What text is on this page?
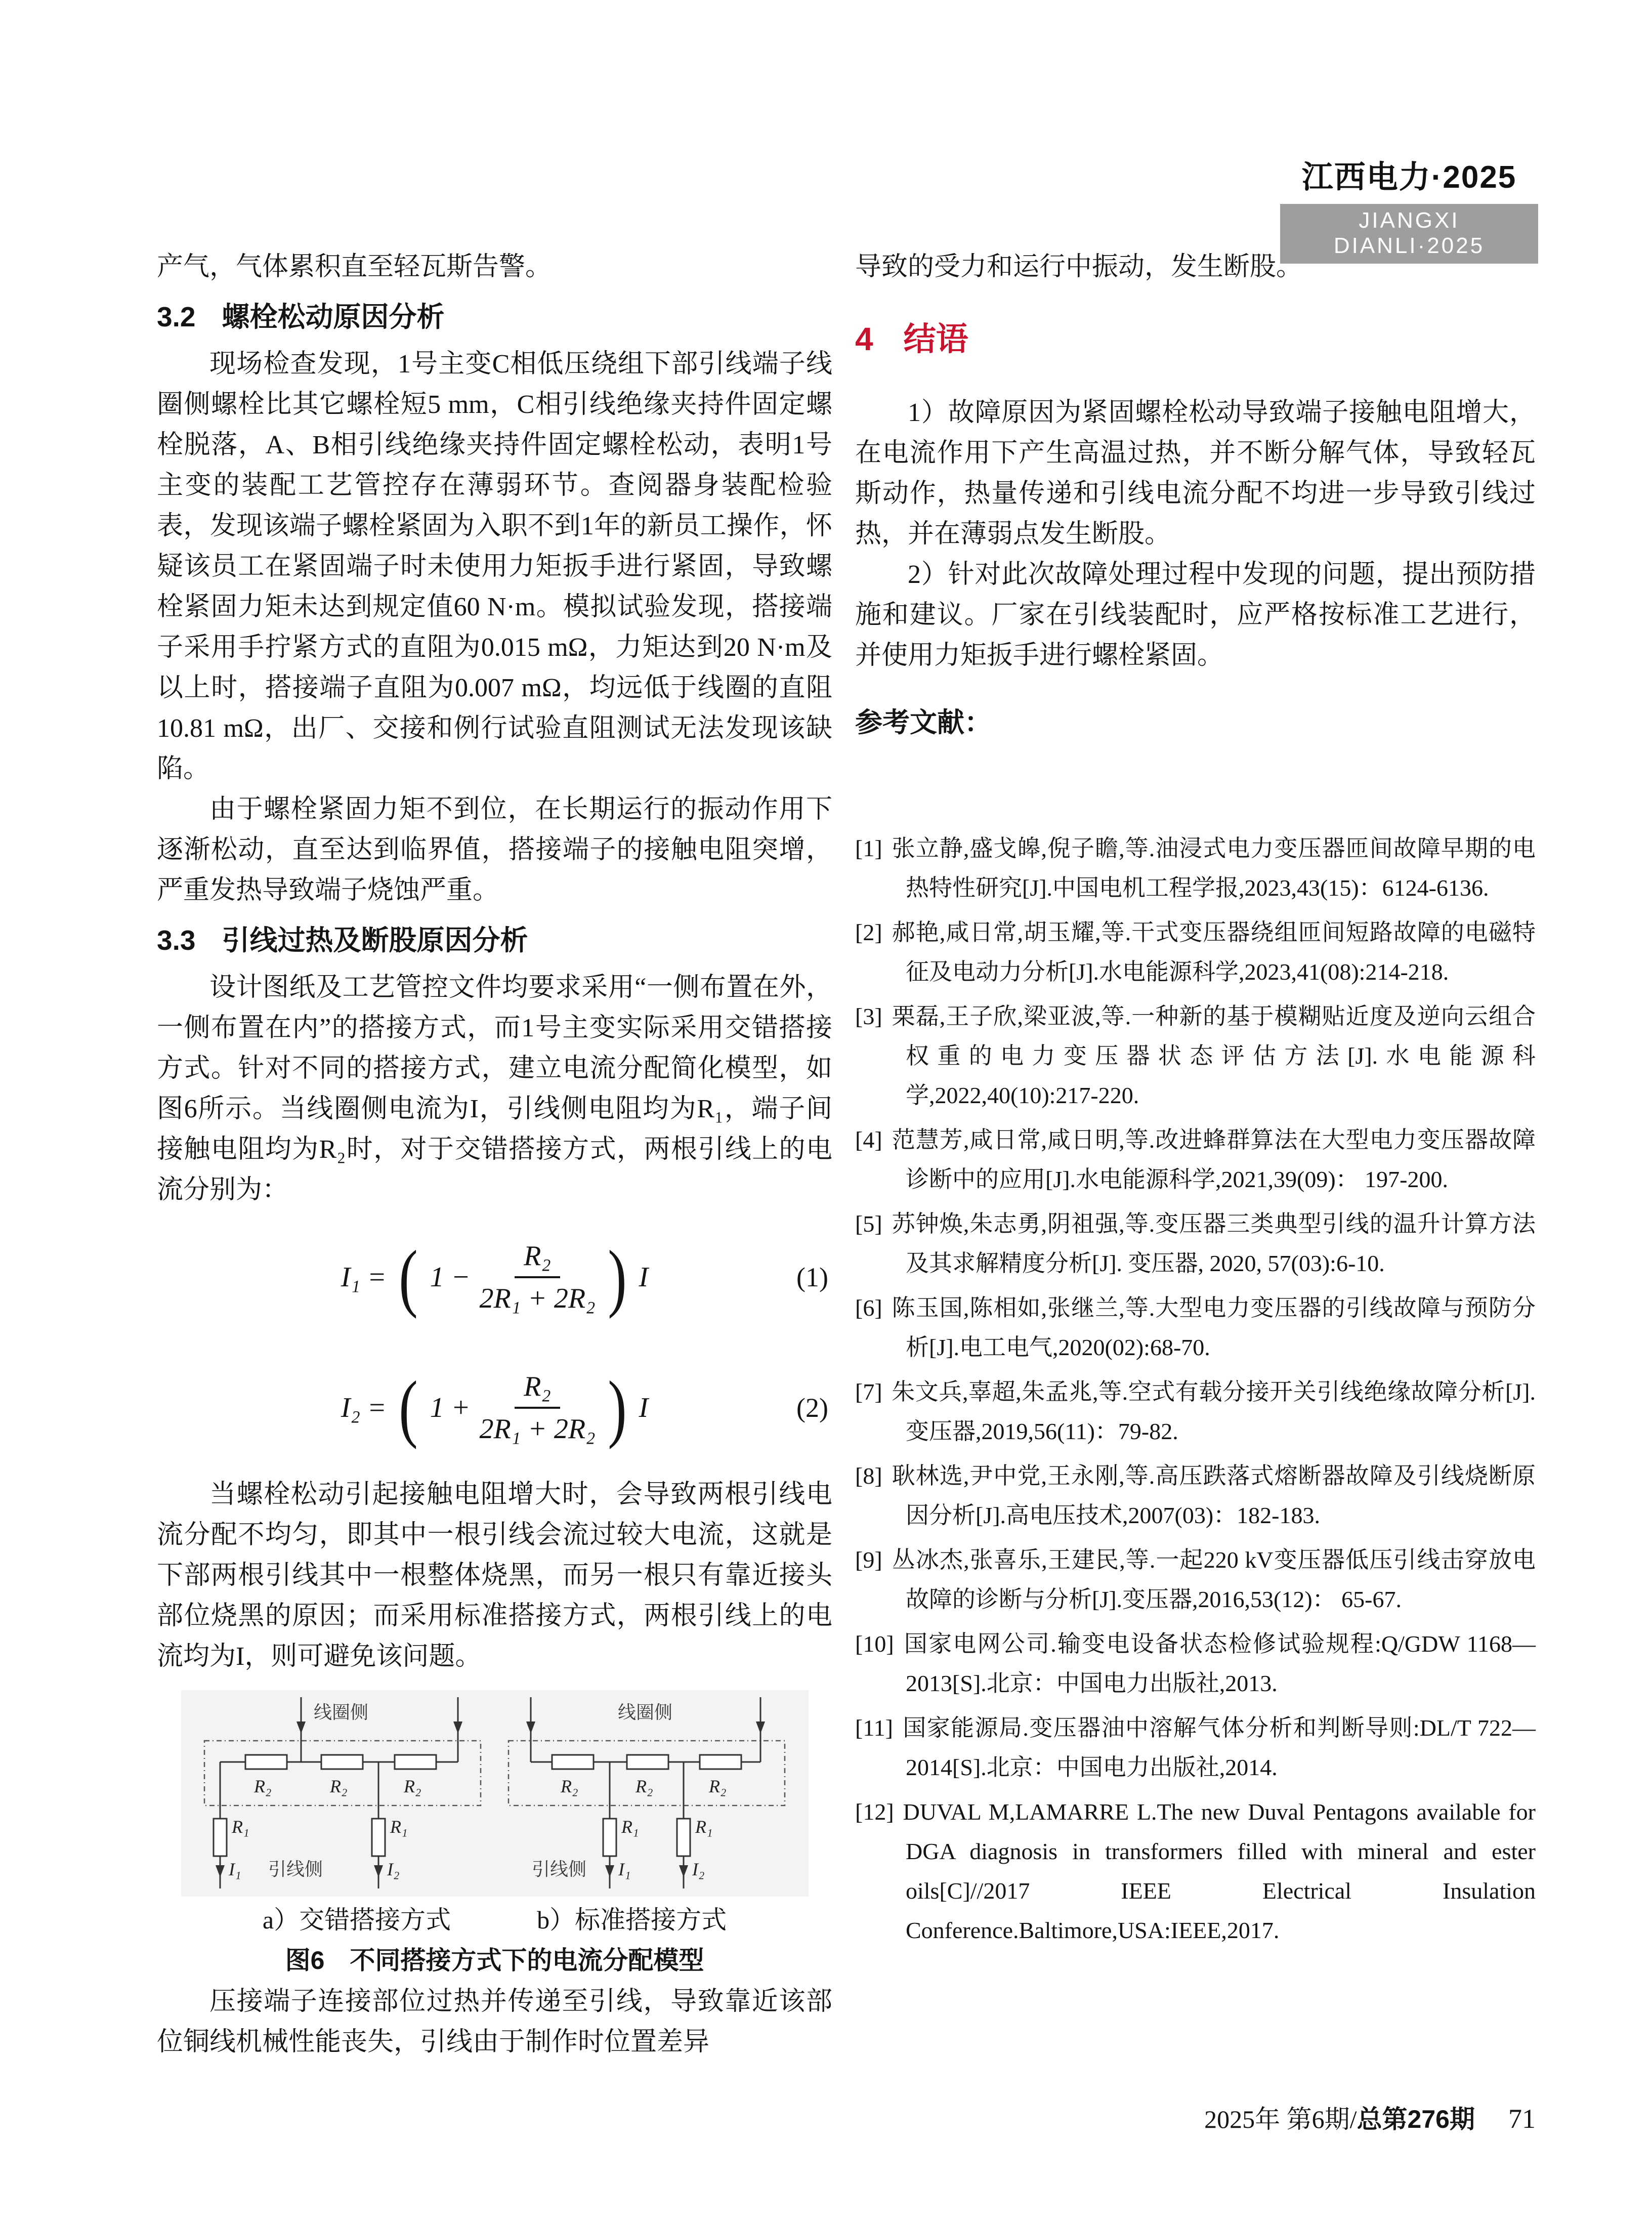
江西电力·2025
JIANGXI DIANLI·2025

产气，气体累积直至轻瓦斯告警。

3.2 螺栓松动原因分析

现场检查发现，1号主变C相低压绕组下部引线端子线圈侧螺栓比其它螺栓短5 mm，C相引线绝缘夹持件固定螺栓脱落，A、B相引线绝缘夹持件固定螺栓松动，表明1号主变的装配工艺管控存在薄弱环节。查阅器身装配检验表，发现该端子螺栓紧固为入职不到1年的新员工操作，怀疑该员工在紧固端子时未使用力矩扳手进行紧固，导致螺栓紧固力矩未达到规定值60 N·m。模拟试验发现，搭接端子采用手拧紧方式的直阻为0.015 mΩ，力矩达到20 N·m及以上时，搭接端子直阻为0.007 mΩ，均远低于线圈的直阻10.81 mΩ，出厂、交接和例行试验直阻测试无法发现该缺陷。

由于螺栓紧固力矩不到位，在长期运行的振动作用下逐渐松动，直至达到临界值，搭接端子的接触电阻突增，严重发热导致端子烧蚀严重。

3.3 引线过热及断股原因分析

设计图纸及工艺管控文件均要求采用“一侧布置在外，一侧布置在内”的搭接方式，而1号主变实际采用交错搭接方式。针对不同的搭接方式，建立电流分配简化模型，如图6所示。当线圈侧电流为I，引线侧电阻均为R₁，端子间接触电阻均为R₂时，对于交错搭接方式，两根引线上的电流分别为：

I₁ = ( $1 - \frac{\text{R₂}}{\text{2R₁ + 2R₂}}$ ) I	(1)
I₂ = ( $1 + \frac{\text{R₂}}{\text{2R₁ + 2R₂}}$ ) I	(2)

当螺栓松动引起接触电阻增大时，会导致两根引线电流分配不均匀，即其中一根引线会流过较大电流，这就是下部两根引线其中一根整体烧黑，而另一根只有靠近接头部位烧黑的原因；而采用标准搭接方式，两根引线上的电流均为I，则可避免该问题。

线圈侧
R₂	R₂	R₂
I₁
R₁
I₂
R₁
引线侧
线圈侧
R₂	R₂	R₂
I₁
R₁
I₂
R₁
引线侧
a）交错搭接方式	b）标准搭接方式
图6　不同搭接方式下的电流分配模型

压接端子连接部位过热并传递至引线，导致靠近该部位铜线机械性能丧失，引线由于制作时位置差异

导致的受力和运行中振动，发生断股。

4 结语

1）故障原因为紧固螺栓松动导致端子接触电阻增大，在电流作用下产生高温过热，并不断分解气体，导致轻瓦斯动作，热量传递和引线电流分配不均进一步导致引线过热，并在薄弱点发生断股。

2）针对此次故障处理过程中发现的问题，提出预防措施和建议。厂家在引线装配时，应严格按标准工艺进行，并使用力矩扳手进行螺栓紧固。

参考文献：
[1] 张立静,盛戈皞,倪子瞻,等.油浸式电力变压器匝间故障早期的电热特性研究[J].中国电机工程学报,2023,43(15)：6124-6136.
[2] 郝艳,咸日常,胡玉耀,等.干式变压器绕组匝间短路故障的电磁特征及电动力分析[J].水电能源科学,2023,41(08):214-218.
[3] 栗磊,王子欣,梁亚波,等.一种新的基于模糊贴近度及逆向云组合权重的电力变压器状态评估方法[J].水电能源科学,2022,40(10):217-220.
[4] 范慧芳,咸日常,咸日明,等.改进蜂群算法在大型电力变压器故障诊断中的应用[J].水电能源科学,2021,39(09)： 197-200.
[5] 苏钟焕,朱志勇,阴祖强,等.变压器三类典型引线的温升计算方法及其求解精度分析[J]. 变压器, 2020, 57(03):6-10.
[6] 陈玉国,陈相如,张继兰,等.大型电力变压器的引线故障与预防分析[J].电工电气,2020(02):68-70.
[7] 朱文兵,辜超,朱孟兆,等.空式有载分接开关引线绝缘故障分析[J].变压器,2019,56(11)：79-82.
[8] 耿林选,尹中党,王永刚,等.高压跌落式熔断器故障及引线烧断原因分析[J].高电压技术,2007(03)：182-183.
[9] 丛冰杰,张喜乐,王建民,等.一起220 kV变压器低压引线击穿放电故障的诊断与分析[J].变压器,2016,53(12)： 65-67.
[10] 国家电网公司.输变电设备状态检修试验规程:Q/GDW 1168—2013[S].北京：中国电力出版社,2013.
[11] 国家能源局.变压器油中溶解气体分析和判断导则:DL/T 722—2014[S].北京：中国电力出版社,2014.
[12] DUVAL M,LAMARRE L.The new Duval Pentagons available for DGA diagnosis in transformers filled with mineral and ester oils[C]//2017 IEEE Electrical Insulation Conference.Baltimore,USA:IEEE,2017.
2025年 第6期/总第276期 71
